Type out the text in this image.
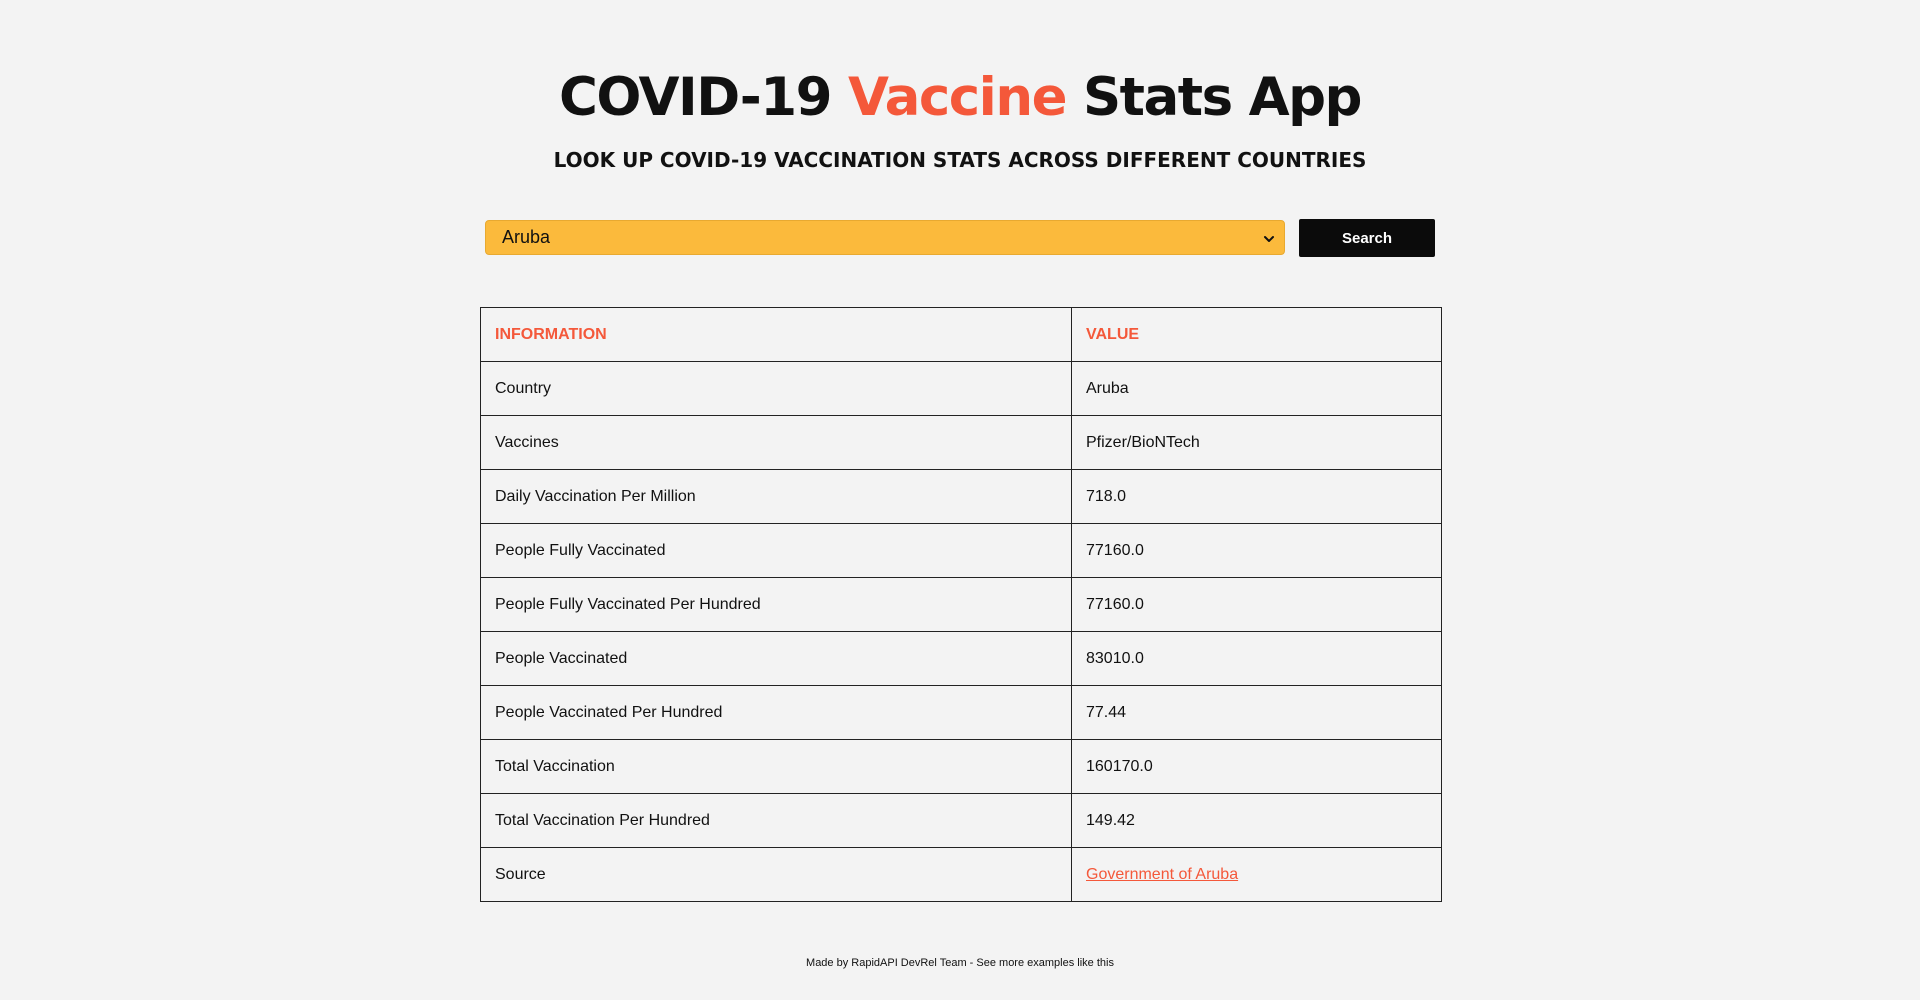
COVID-19 Vaccine Stats App
LOOK UP COVID-19 VACCINATION STATS ACROSS DIFFERENT COUNTRIES
Aruba	Search
INFORMATION	VALUE
Country	Aruba
Vaccines	Pfizer/BioNTech
Daily Vaccination Per Million	718.0
People Fully Vaccinated	77160.0
People Fully Vaccinated Per Hundred	77160.0
People Vaccinated	83010.0
People Vaccinated Per Hundred	77.44
Total Vaccination	160170.0
Total Vaccination Per Hundred	149.42
Source	Government of Aruba
Made by RapidAPI DevRel Team - See more examples like this
